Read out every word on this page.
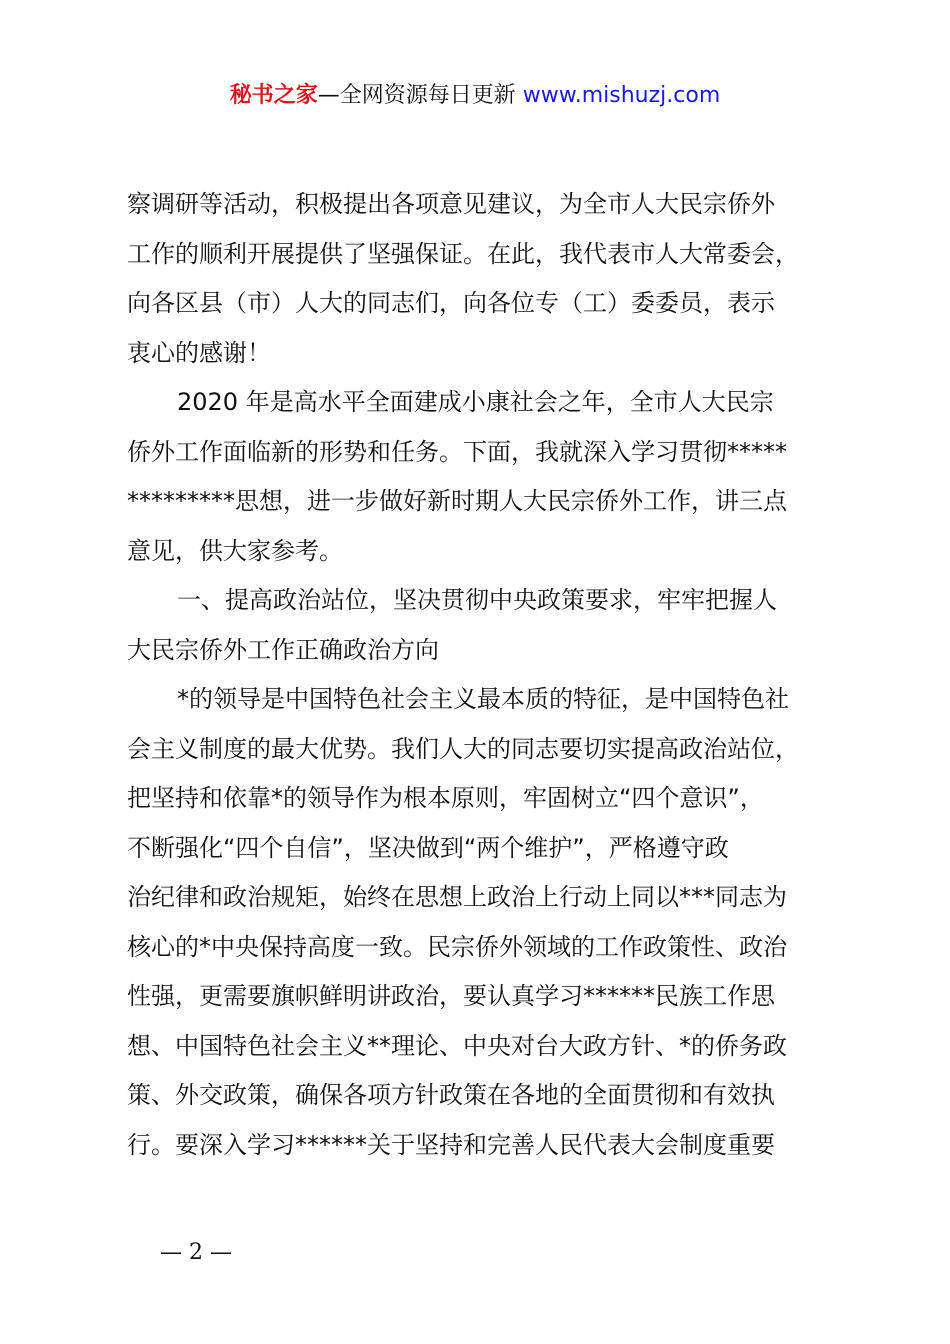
秘书之家—全网资源每日更新 www.mishuzj.com
察调研等活动，积极提出各项意见建议，为全市人大民宗侨外
工作的顺利开展提供了坚强保证。在此，我代表市人大常委会，
向各区县（市）人大的同志们，向各位专（工）委委员，表示
衷心的感谢！
2020 年是高水平全面建成小康社会之年，全市人大民宗
侨外工作面临新的形势和任务。下面，我就深入学习贯彻*****
*********思想，进一步做好新时期人大民宗侨外工作，讲三点
意见，供大家参考。
一、提高政治站位，坚决贯彻中央政策要求，牢牢把握人
大民宗侨外工作正确政治方向
*的领导是中国特色社会主义最本质的特征，是中国特色社
会主义制度的最大优势。我们人大的同志要切实提高政治站位，
把坚持和依靠*的领导作为根本原则，牢固树立“四个意识”，
不断强化“四个自信”，坚决做到“两个维护”，严格遵守政
治纪律和政治规矩，始终在思想上政治上行动上同以***同志为
核心的*中央保持高度一致。民宗侨外领域的工作政策性、政治
性强，更需要旗帜鲜明讲政治，要认真学习******民族工作思
想、中国特色社会主义**理论、中央对台大政方针、*的侨务政
策、外交政策，确保各项方针政策在各地的全面贯彻和有效执
行。要深入学习******关于坚持和完善人民代表大会制度重要
— 2 —
